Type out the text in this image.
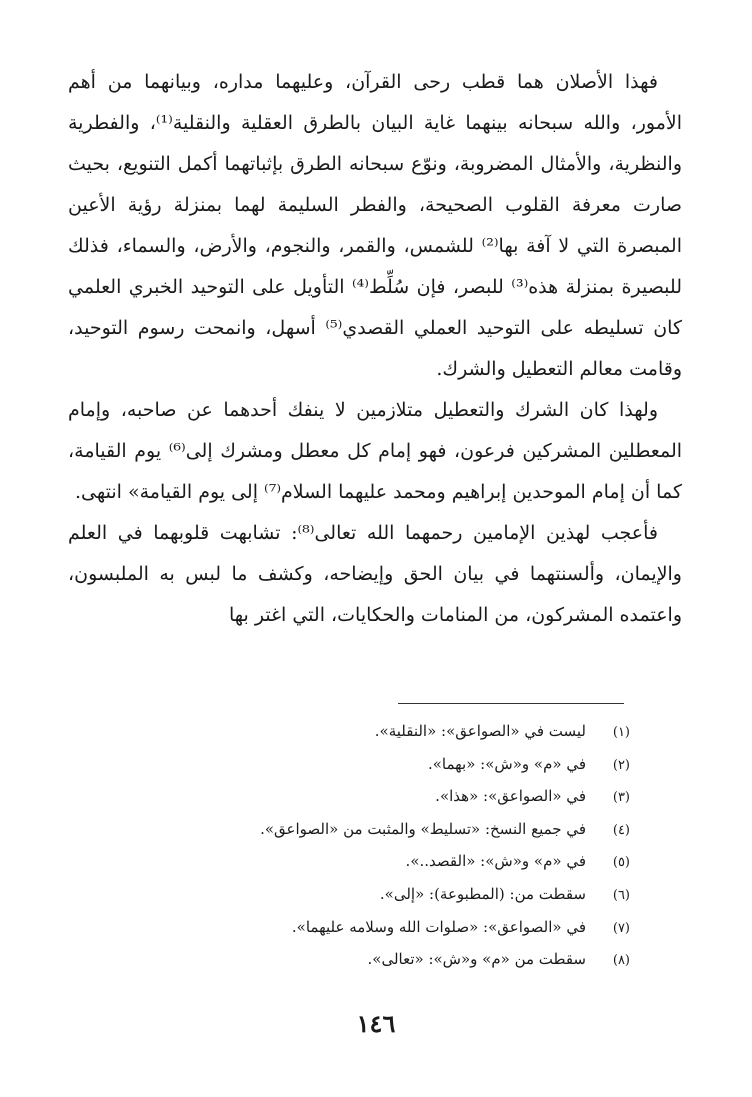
فهذا الأصلان هما قطب رحى القرآن، وعليهما مداره، وبيانهما من أهم الأمور، والله سبحانه بينهما غاية البيان بالطرق العقلية والنقلية⁽¹⁾، والفطرية والنظرية، والأمثال المضروبة، ونوّع سبحانه الطرق بإثباتهما أكمل التنويع، بحيث صارت معرفة القلوب الصحيحة، والفطر السليمة لهما بمنزلة رؤية الأعين المبصرة التي لا آفة بها⁽²⁾ للشمس، والقمر، والنجوم، والأرض، والسماء، فذلك للبصيرة بمنزلة هذه⁽³⁾ للبصر، فإن سُلِّط⁽⁴⁾ التأويل على التوحيد الخبري العلمي كان تسليطه على التوحيد العملي القصدي⁽⁵⁾ أسهل، وانمحت رسوم التوحيد، وقامت معالم التعطيل والشرك.

ولهذا كان الشرك والتعطيل متلازمين لا ينفك أحدهما عن صاحبه، وإمام المعطلين المشركين فرعون، فهو إمام كل معطل ومشرك إلى⁽⁶⁾ يوم القيامة، كما أن إمام الموحدين إبراهيم ومحمد عليهما السلام⁽⁷⁾ إلى يوم القيامة» انتهى.

فأعجب لهذين الإمامين رحمهما الله تعالى⁽⁸⁾: تشابهت قلوبهما في العلم والإيمان، وألسنتهما في بيان الحق وإيضاحه، وكشف ما لبس به الملبسون، واعتمده المشركون، من المنامات والحكايات، التي اغتر بها

(١)
ليست في «الصواعق»: «النقلية».
(٢)
في «م» و«ش»: «بهما».
(٣)
في «الصواعق»: «هذا».
(٤)
في جميع النسخ: «تسليط» والمثبت من «الصواعق».
(٥)
في «م» و«ش»: «القصد..».
(٦)
سقطت من: (المطبوعة): «إلى».
(٧)
في «الصواعق»: «صلوات الله وسلامه عليهما».
(٨)
سقطت من «م» و«ش»: «تعالى».
١٤٦
